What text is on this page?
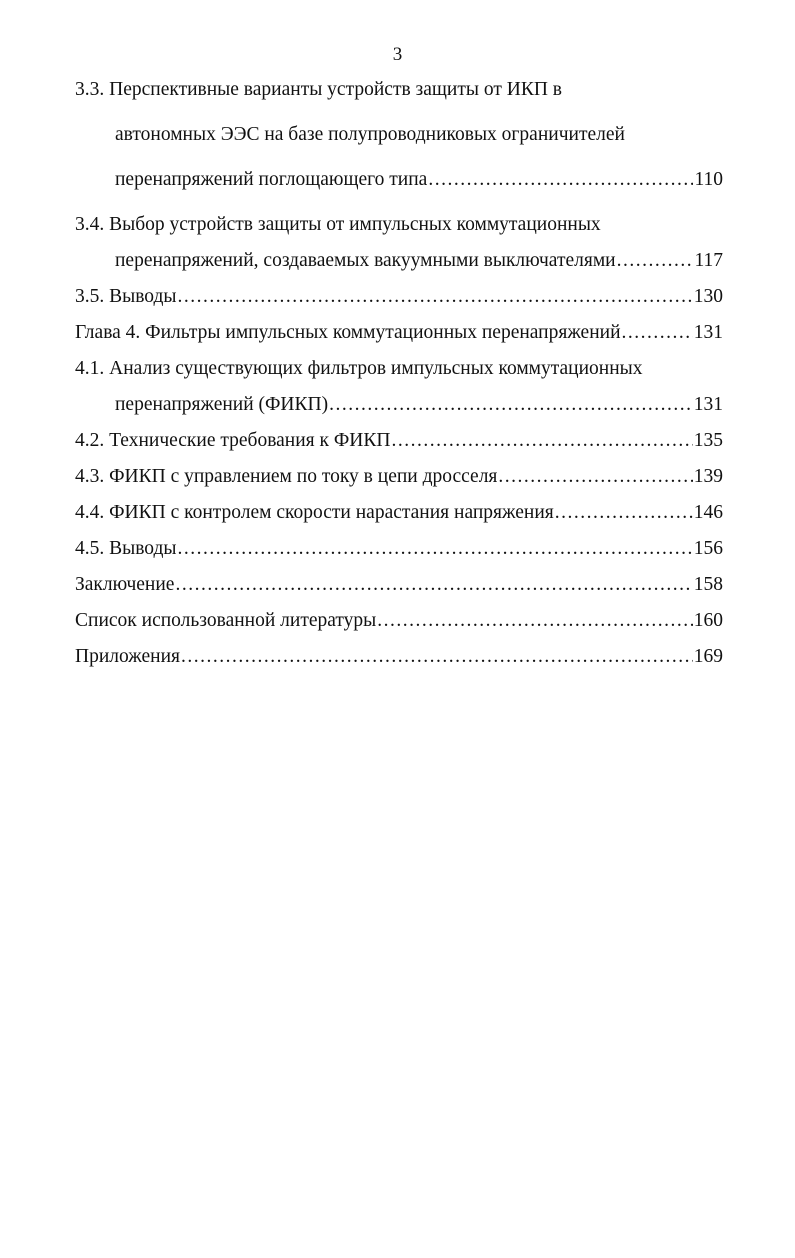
3
3.3. Перспективные варианты устройств защиты от ИКП в
автономных ЭЭС на базе полупроводниковых ограничителей
перенапряжений поглощающего типа .....	110
3.4. Выбор устройств защиты от импульсных коммутационных
перенапряжений, создаваемых вакуумными выключателями .....	117
3.5. Выводы .....	130
Глава 4. Фильтры импульсных коммутационных перенапряжений .....	131
4.1. Анализ существующих фильтров импульсных коммутационных
перенапряжений (ФИКП) .....	131
4.2. Технические требования к ФИКП .....	135
4.3. ФИКП с управлением по току в цепи дросселя .....	139
4.4. ФИКП с контролем скорости нарастания напряжения .....	146
4.5. Выводы .....	156
Заключение .....	158
Список использованной литературы .....	160
Приложения .....	169
